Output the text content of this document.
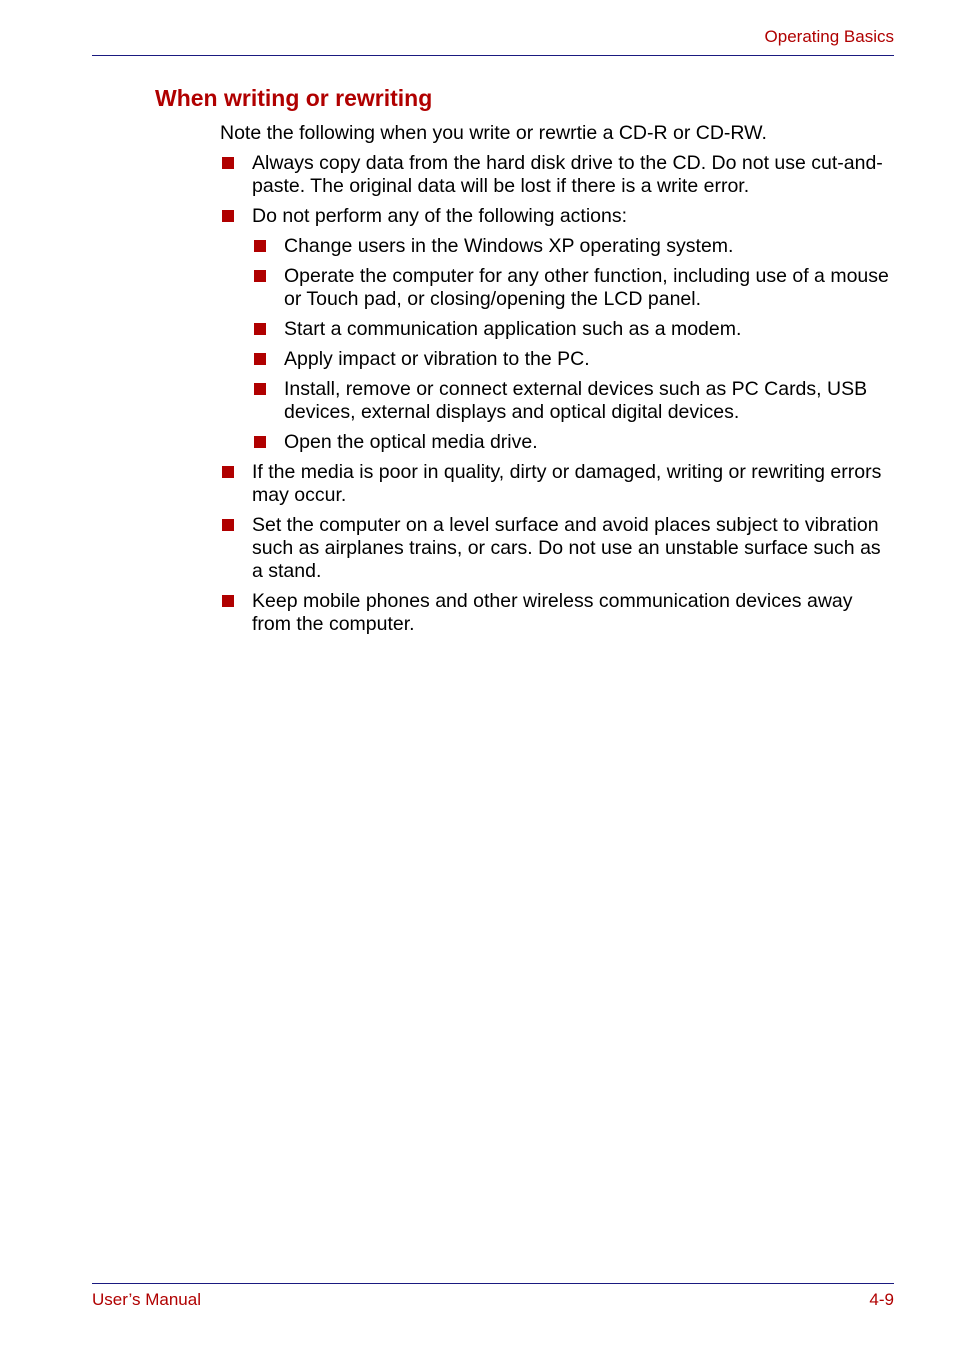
Operating Basics
When writing or rewriting

Note the following when you write or rewrtie a CD-R or CD-RW.

Always copy data from the hard disk drive to the CD. Do not use cut-and-paste. The original data will be lost if there is a write error.
Do not perform any of the following actions:
Change users in the Windows XP operating system.
Operate the computer for any other function, including use of a mouse or Touch pad, or closing/opening the LCD panel.
Start a communication application such as a modem.
Apply impact or vibration to the PC.
Install, remove or connect external devices such as PC Cards, USB devices, external displays and optical digital devices.
Open the optical media drive.
If the media is poor in quality, dirty or damaged, writing or rewriting errors may occur.
Set the computer on a level surface and avoid places subject to vibration such as airplanes trains, or cars. Do not use an unstable surface such as a stand.
Keep mobile phones and other wireless communication devices away from the computer.
User’s Manual	4-9
